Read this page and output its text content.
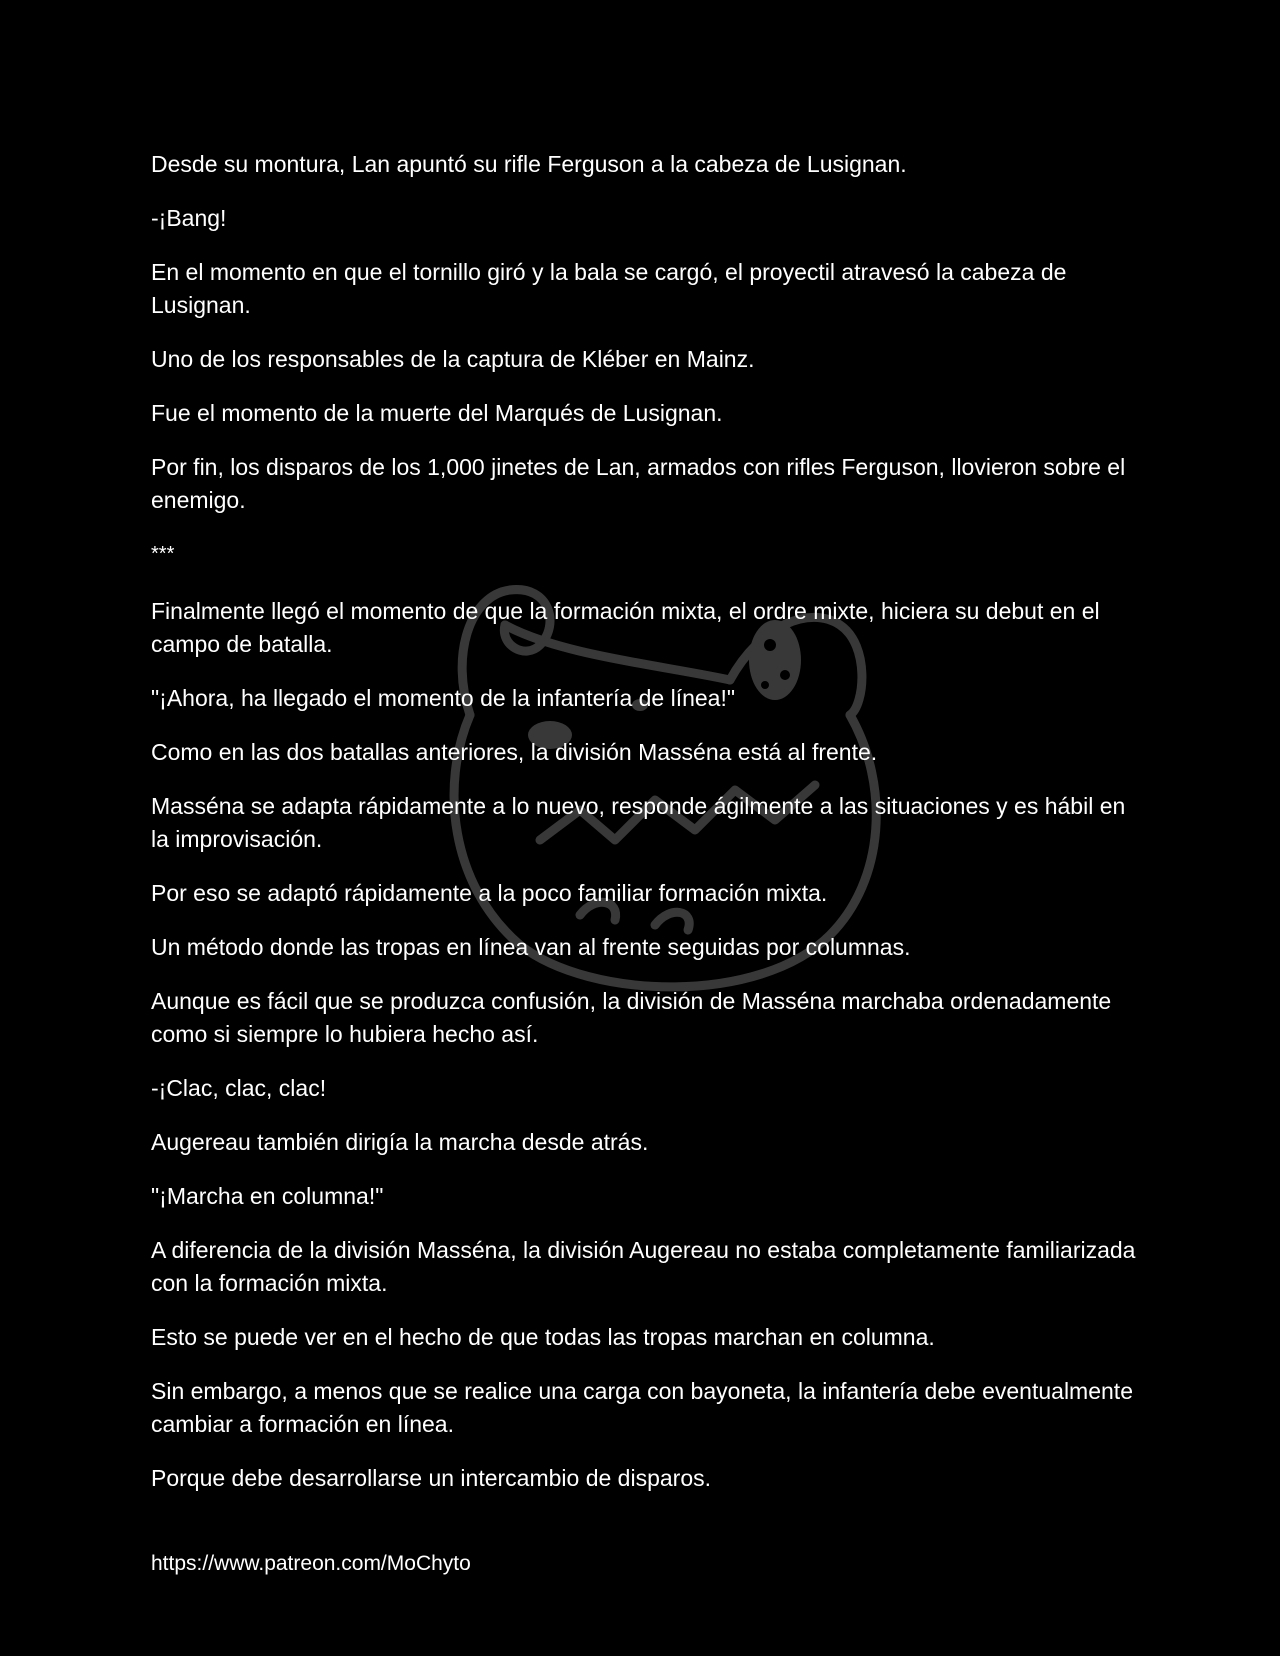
Desde su montura, Lan apuntó su rifle Ferguson a la cabeza de Lusignan.

-¡Bang!

En el momento en que el tornillo giró y la bala se cargó, el proyectil atravesó la cabeza de Lusignan.

Uno de los responsables de la captura de Kléber en Mainz.

Fue el momento de la muerte del Marqués de Lusignan.

Por fin, los disparos de los 1,000 jinetes de Lan, armados con rifles Ferguson, llovieron sobre el enemigo.

***

Finalmente llegó el momento de que la formación mixta, el ordre mixte, hiciera su debut en el campo de batalla.

"¡Ahora, ha llegado el momento de la infantería de línea!"

Como en las dos batallas anteriores, la división Masséna está al frente.

Masséna se adapta rápidamente a lo nuevo, responde ágilmente a las situaciones y es hábil en la improvisación.

Por eso se adaptó rápidamente a la poco familiar formación mixta.

Un método donde las tropas en línea van al frente seguidas por columnas.

Aunque es fácil que se produzca confusión, la división de Masséna marchaba ordenadamente como si siempre lo hubiera hecho así.

-¡Clac, clac, clac!

Augereau también dirigía la marcha desde atrás.

"¡Marcha en columna!"

A diferencia de la división Masséna, la división Augereau no estaba completamente familiarizada con la formación mixta.

Esto se puede ver en el hecho de que todas las tropas marchan en columna.

Sin embargo, a menos que se realice una carga con bayoneta, la infantería debe eventualmente cambiar a formación en línea.

Porque debe desarrollarse un intercambio de disparos.

https://www.patreon.com/MoChyto
